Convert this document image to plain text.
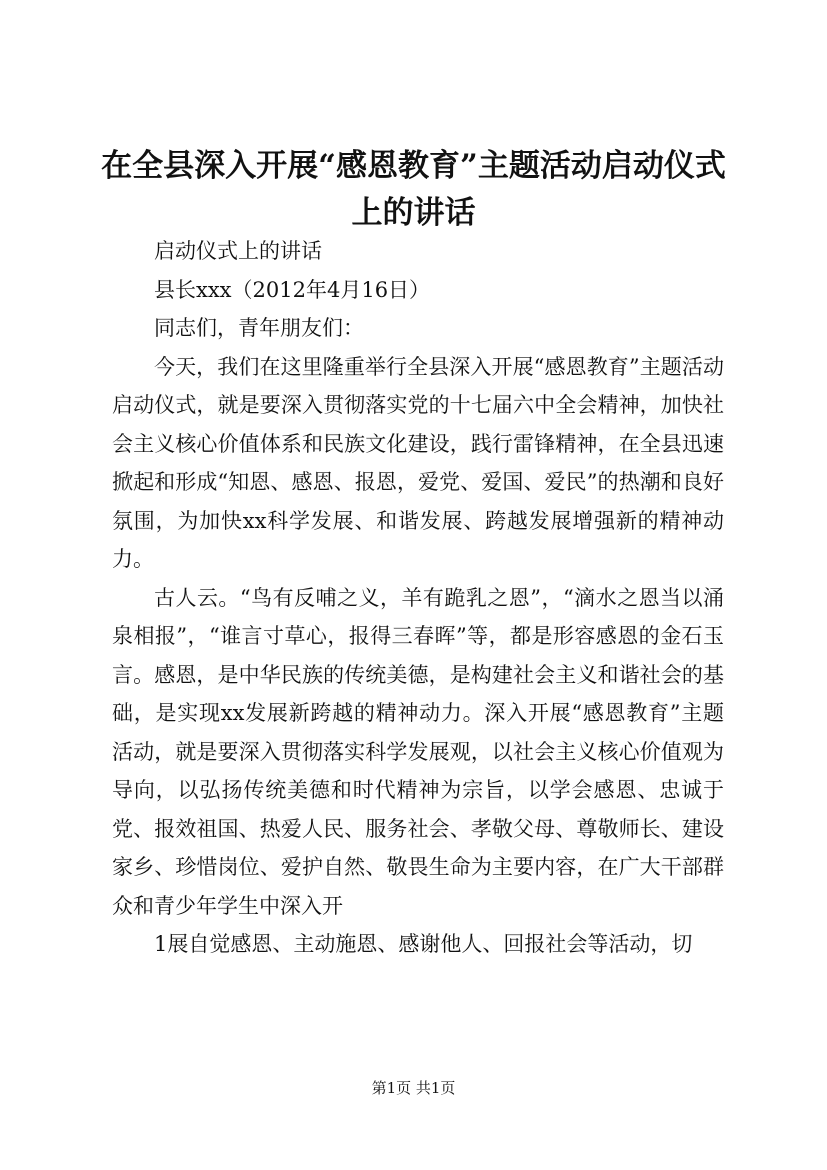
在全县深入开展“感恩教育”主题活动启动仪式上的讲话

启动仪式上的讲话

县长xxx（2012年4月16日）

同志们，青年朋友们：

今天，我们在这里隆重举行全县深入开展“感恩教育”主题活动启动仪式，就是要深入贯彻落实党的十七届六中全会精神，加快社会主义核心价值体系和民族文化建设，践行雷锋精神，在全县迅速掀起和形成“知恩、感恩、报恩，爱党、爱国、爱民”的热潮和良好氛围，为加快xx科学发展、和谐发展、跨越发展增强新的精神动力。

古人云。“鸟有反哺之义，羊有跪乳之恩”，“滴水之恩当以涌泉相报”，“谁言寸草心，报得三春晖”等，都是形容感恩的金石玉言。感恩，是中华民族的传统美德，是构建社会主义和谐社会的基础，是实现xx发展新跨越的精神动力。深入开展“感恩教育”主题活动，就是要深入贯彻落实科学发展观，以社会主义核心价值观为导向，以弘扬传统美德和时代精神为宗旨，以学会感恩、忠诚于党、报效祖国、热爱人民、服务社会、孝敬父母、尊敬师长、建设家乡、珍惜岗位、爱护自然、敬畏生命为主要内容，在广大干部群众和青少年学生中深入开

1展自觉感恩、主动施恩、感谢他人、回报社会等活动，切

第1页 共1页
